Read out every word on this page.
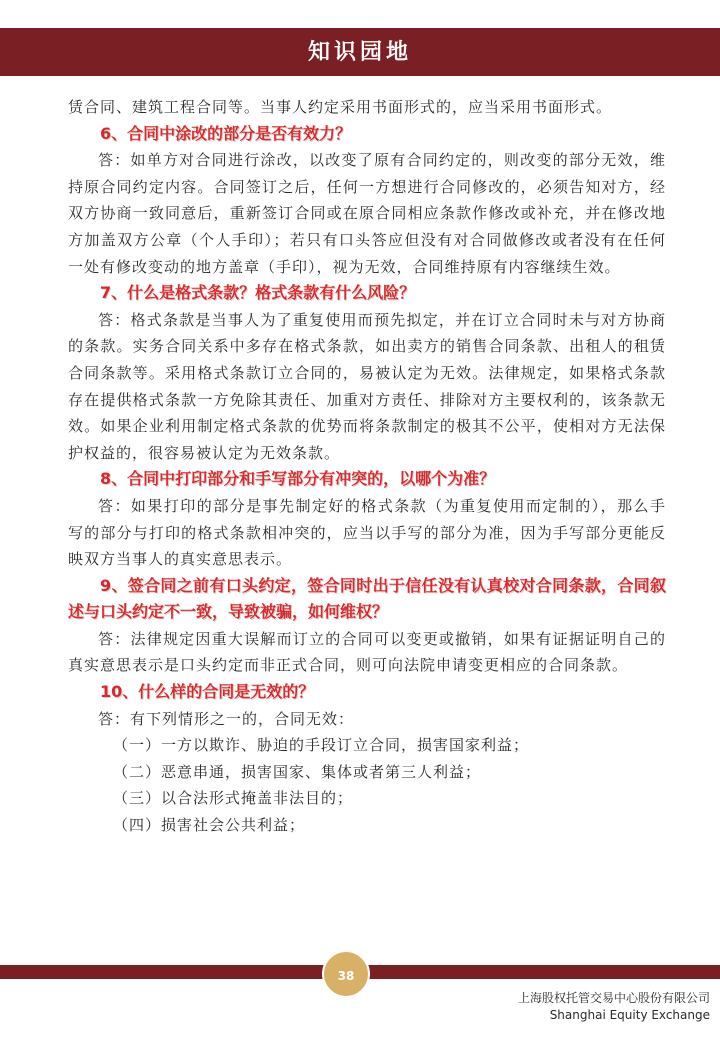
知识园地

赁合同、建筑工程合同等。当事人约定采用书面形式的，应当采用书面形式。

6、合同中涂改的部分是否有效力？

答：如单方对合同进行涂改，以改变了原有合同约定的，则改变的部分无效，维持原合同约定内容。合同签订之后，任何一方想进行合同修改的，必须告知对方，经双方协商一致同意后，重新签订合同或在原合同相应条款作修改或补充，并在修改地方加盖双方公章（个人手印）；若只有口头答应但没有对合同做修改或者没有在任何一处有修改变动的地方盖章（手印），视为无效，合同维持原有内容继续生效。

7、什么是格式条款？格式条款有什么风险？

答：格式条款是当事人为了重复使用而预先拟定，并在订立合同时未与对方协商的条款。实务合同关系中多存在格式条款，如出卖方的销售合同条款、出租人的租赁合同条款等。采用格式条款订立合同的，易被认定为无效。法律规定，如果格式条款存在提供格式条款一方免除其责任、加重对方责任、排除对方主要权利的，该条款无效。如果企业利用制定格式条款的优势而将条款制定的极其不公平，使相对方无法保护权益的，很容易被认定为无效条款。

8、合同中打印部分和手写部分有冲突的，以哪个为准？

答：如果打印的部分是事先制定好的格式条款（为重复使用而定制的），那么手写的部分与打印的格式条款相冲突的，应当以手写的部分为准，因为手写部分更能反映双方当事人的真实意思表示。

9、签合同之前有口头约定，签合同时出于信任没有认真校对合同条款，合同叙述与口头约定不一致，导致被骗，如何维权？

答：法律规定因重大误解而订立的合同可以变更或撤销，如果有证据证明自己的真实意思表示是口头约定而非正式合同，则可向法院申请变更相应的合同条款。

10、什么样的合同是无效的？

答：有下列情形之一的，合同无效：

（一）一方以欺诈、胁迫的手段订立合同，损害国家利益；

（二）恶意串通，损害国家、集体或者第三人利益；

（三）以合法形式掩盖非法目的；

（四）损害社会公共利益；

38
上海股权托管交易中心股份有限公司
Shanghai Equity Exchange
